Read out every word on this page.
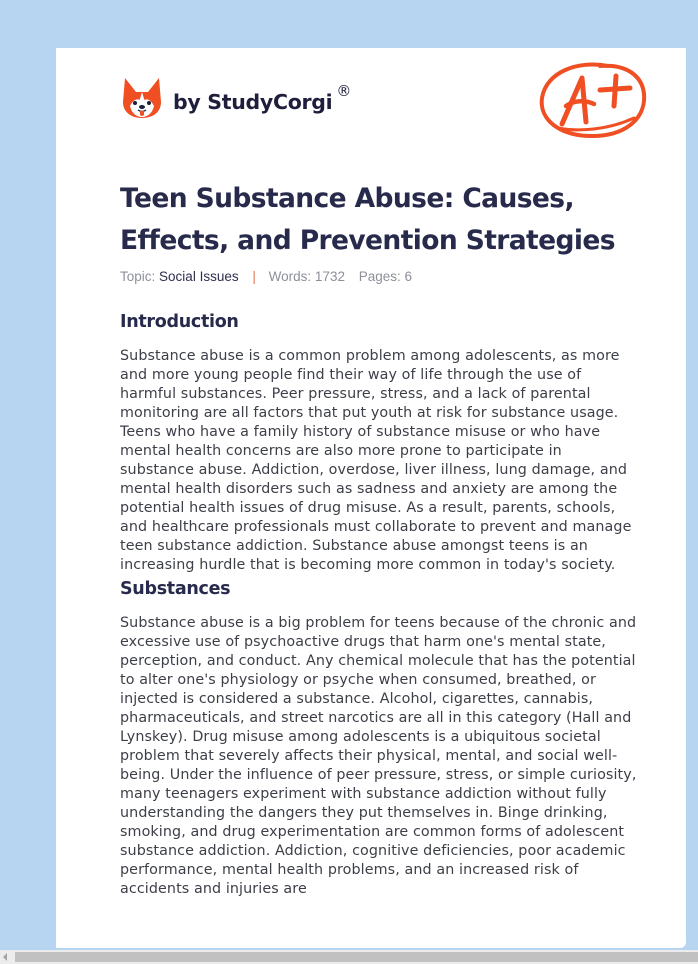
by StudyCorgi ®
Teen Substance Abuse: Causes, Effects, and Prevention Strategies
Topic: Social Issues | Words: 1732 Pages: 6
Introduction

Substance abuse is a common problem among adolescents, as more and more young people find their way of life through the use of harmful substances. Peer pressure, stress, and a lack of parental monitoring are all factors that put youth at risk for substance usage. Teens who have a family history of substance misuse or who have mental health concerns are also more prone to participate in substance abuse. Addiction, overdose, liver illness, lung damage, and mental health disorders such as sadness and anxiety are among the potential health issues of drug misuse. As a result, parents, schools, and healthcare professionals must collaborate to prevent and manage teen substance addiction. Substance abuse amongst teens is an increasing hurdle that is becoming more common in today's society.

Substances

Substance abuse is a big problem for teens because of the chronic and excessive use of psychoactive drugs that harm one's mental state, perception, and conduct. Any chemical molecule that has the potential to alter one's physiology or psyche when consumed, breathed, or injected is considered a substance. Alcohol, cigarettes, cannabis, pharmaceuticals, and street narcotics are all in this category (Hall and Lynskey). Drug misuse among adolescents is a ubiquitous societal problem that severely affects their physical, mental, and social well-being. Under the influence of peer pressure, stress, or simple curiosity, many teenagers experiment with substance addiction without fully understanding the dangers they put themselves in. Binge drinking, smoking, and drug experimentation are common forms of adolescent substance addiction. Addiction, cognitive deficiencies, poor academic performance, mental health problems, and an increased risk of accidents and injuries are
